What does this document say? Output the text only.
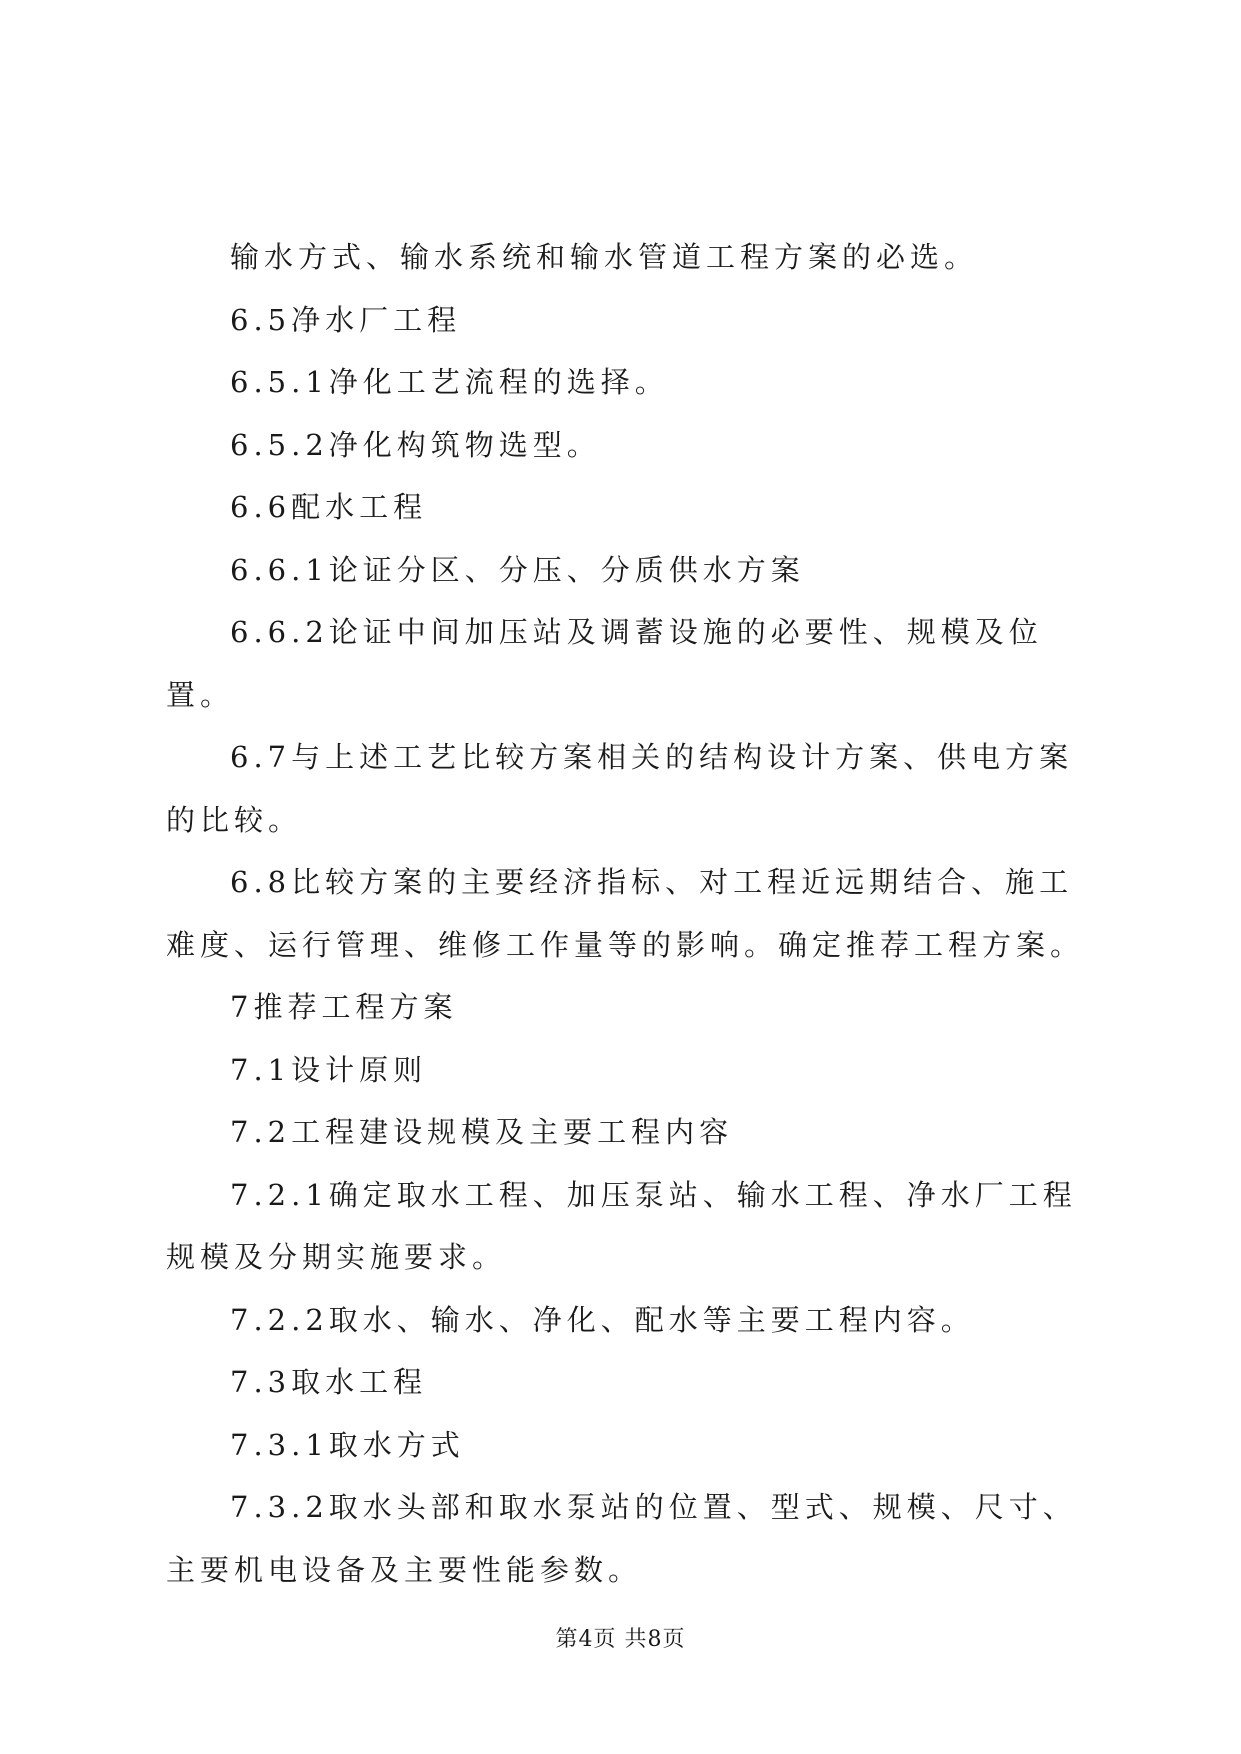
输水方式、输水系统和输水管道工程方案的必选。

6.5净水厂工程

6.5.1净化工艺流程的选择。

6.5.2净化构筑物选型。

6.6配水工程

6.6.1论证分区、分压、分质供水方案

6.6.2论证中间加压站及调蓄设施的必要性、规模及位置。

6.7与上述工艺比较方案相关的结构设计方案、供电方案的比较。

6.8比较方案的主要经济指标、对工程近远期结合、施工难度、运行管理、维修工作量等的影响。确定推荐工程方案。

7推荐工程方案

7.1设计原则

7.2工程建设规模及主要工程内容

7.2.1确定取水工程、加压泵站、输水工程、净水厂工程规模及分期实施要求。

7.2.2取水、输水、净化、配水等主要工程内容。

7.3取水工程

7.3.1取水方式

7.3.2取水头部和取水泵站的位置、型式、规模、尺寸、主要机电设备及主要性能参数。

第4页 共8页
